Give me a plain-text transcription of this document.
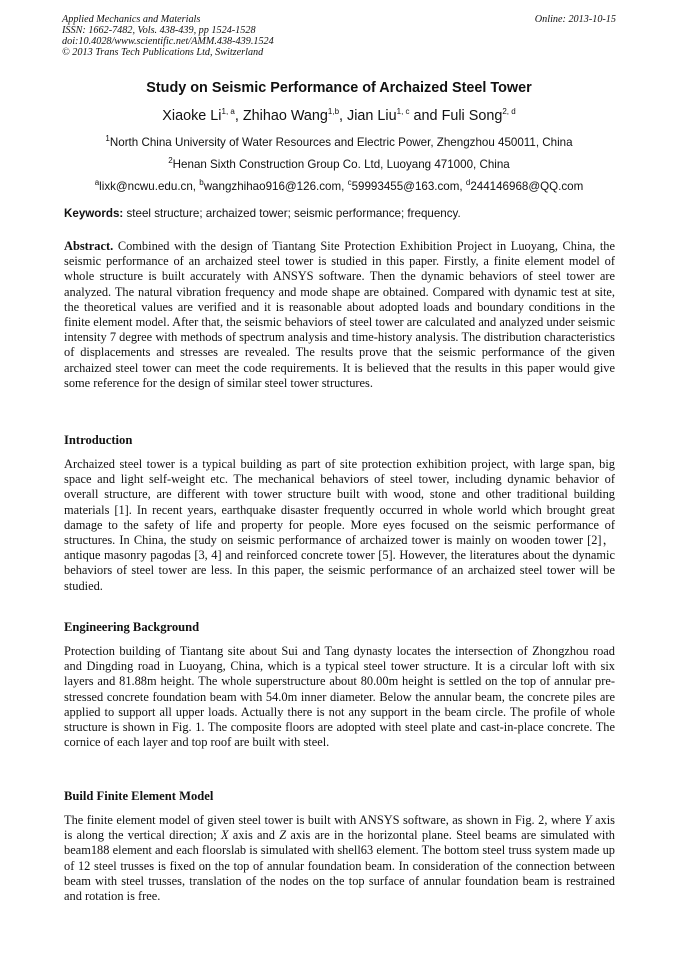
Applied Mechanics and Materials
ISSN: 1662-7482, Vols. 438-439, pp 1524-1528
doi:10.4028/www.scientific.net/AMM.438-439.1524
© 2013 Trans Tech Publications Ltd, Switzerland
Online: 2013-10-15
Study on Seismic Performance of Archaized Steel Tower
Xiaoke Li$^{1, a}$, Zhihao Wang$^{1,b}$, Jian Liu$^{1, c}$ and Fuli Song$^{2, d}$
$^1$North China University of Water Resources and Electric Power, Zhengzhou 450011, China
$^2$Henan Sixth Construction Group Co. Ltd, Luoyang 471000, China
$^a$lixk@ncwu.edu.cn, $^b$wangzhihao916@126.com, $^c$59993455@163.com, $^d$244146968@QQ.com
Keywords: steel structure; archaized tower; seismic performance; frequency.

Abstract. Combined with the design of Tiantang Site Protection Exhibition Project in Luoyang, China, the seismic performance of an archaized steel tower is studied in this paper. Firstly, a finite element model of whole structure is built accurately with ANSYS software. Then the dynamic behaviors of steel tower are analyzed. The natural vibration frequency and mode shape are obtained. Compared with dynamic test at site, the theoretical values are verified and it is reasonable about adopted loads and boundary conditions in the finite element model. After that, the seismic behaviors of steel tower are calculated and analyzed under seismic intensity 7 degree with methods of spectrum analysis and time-history analysis. The distribution characteristics of displacements and stresses are revealed. The results prove that the seismic performance of the given archaized steel tower can meet the code requirements. It is believed that the results in this paper would give some reference for the design of similar steel tower structures.

Introduction

Archaized steel tower is a typical building as part of site protection exhibition project, with large span, big space and light self-weight etc. The mechanical behaviors of steel tower, including dynamic behavior of overall structure, are different with tower structure built with wood, stone and other traditional building materials [1]. In recent years, earthquake disaster frequently occurred in whole world which brought great damage to the safety of life and property for people. More eyes focused on the seismic performance of structures. In China, the study on seismic performance of archaized tower is mainly on wooden tower [2]，antique masonry pagodas [3, 4] and reinforced concrete tower [5]. However, the literatures about the dynamic behaviors of steel tower are less. In this paper, the seismic performance of an archaized steel tower will be studied.

Engineering Background

Protection building of Tiantang site about Sui and Tang dynasty locates the intersection of Zhongzhou road and Dingding road in Luoyang, China, which is a typical steel tower structure. It is a circular loft with six layers and 81.88m height. The whole superstructure about 80.00m height is settled on the top of annular pre-stressed concrete foundation beam with 54.0m inner diameter. Below the annular beam, the concrete piles are applied to support all upper loads. Actually there is not any support in the beam circle. The profile of whole structure is shown in Fig. 1. The composite floors are adopted with steel plate and cast-in-place concrete. The cornice of each layer and top roof are built with steel.

Build Finite Element Model

The finite element model of given steel tower is built with ANSYS software, as shown in Fig. 2, where Y axis is along the vertical direction; X axis and Z axis are in the horizontal plane. Steel beams are simulated with beam188 element and each floorslab is simulated with shell63 element. The bottom steel truss system made up of 12 steel trusses is fixed on the top of annular foundation beam. In consideration of the connection between beam with steel trusses, translation of the nodes on the top surface of annular foundation beam is restrained and rotation is free.
